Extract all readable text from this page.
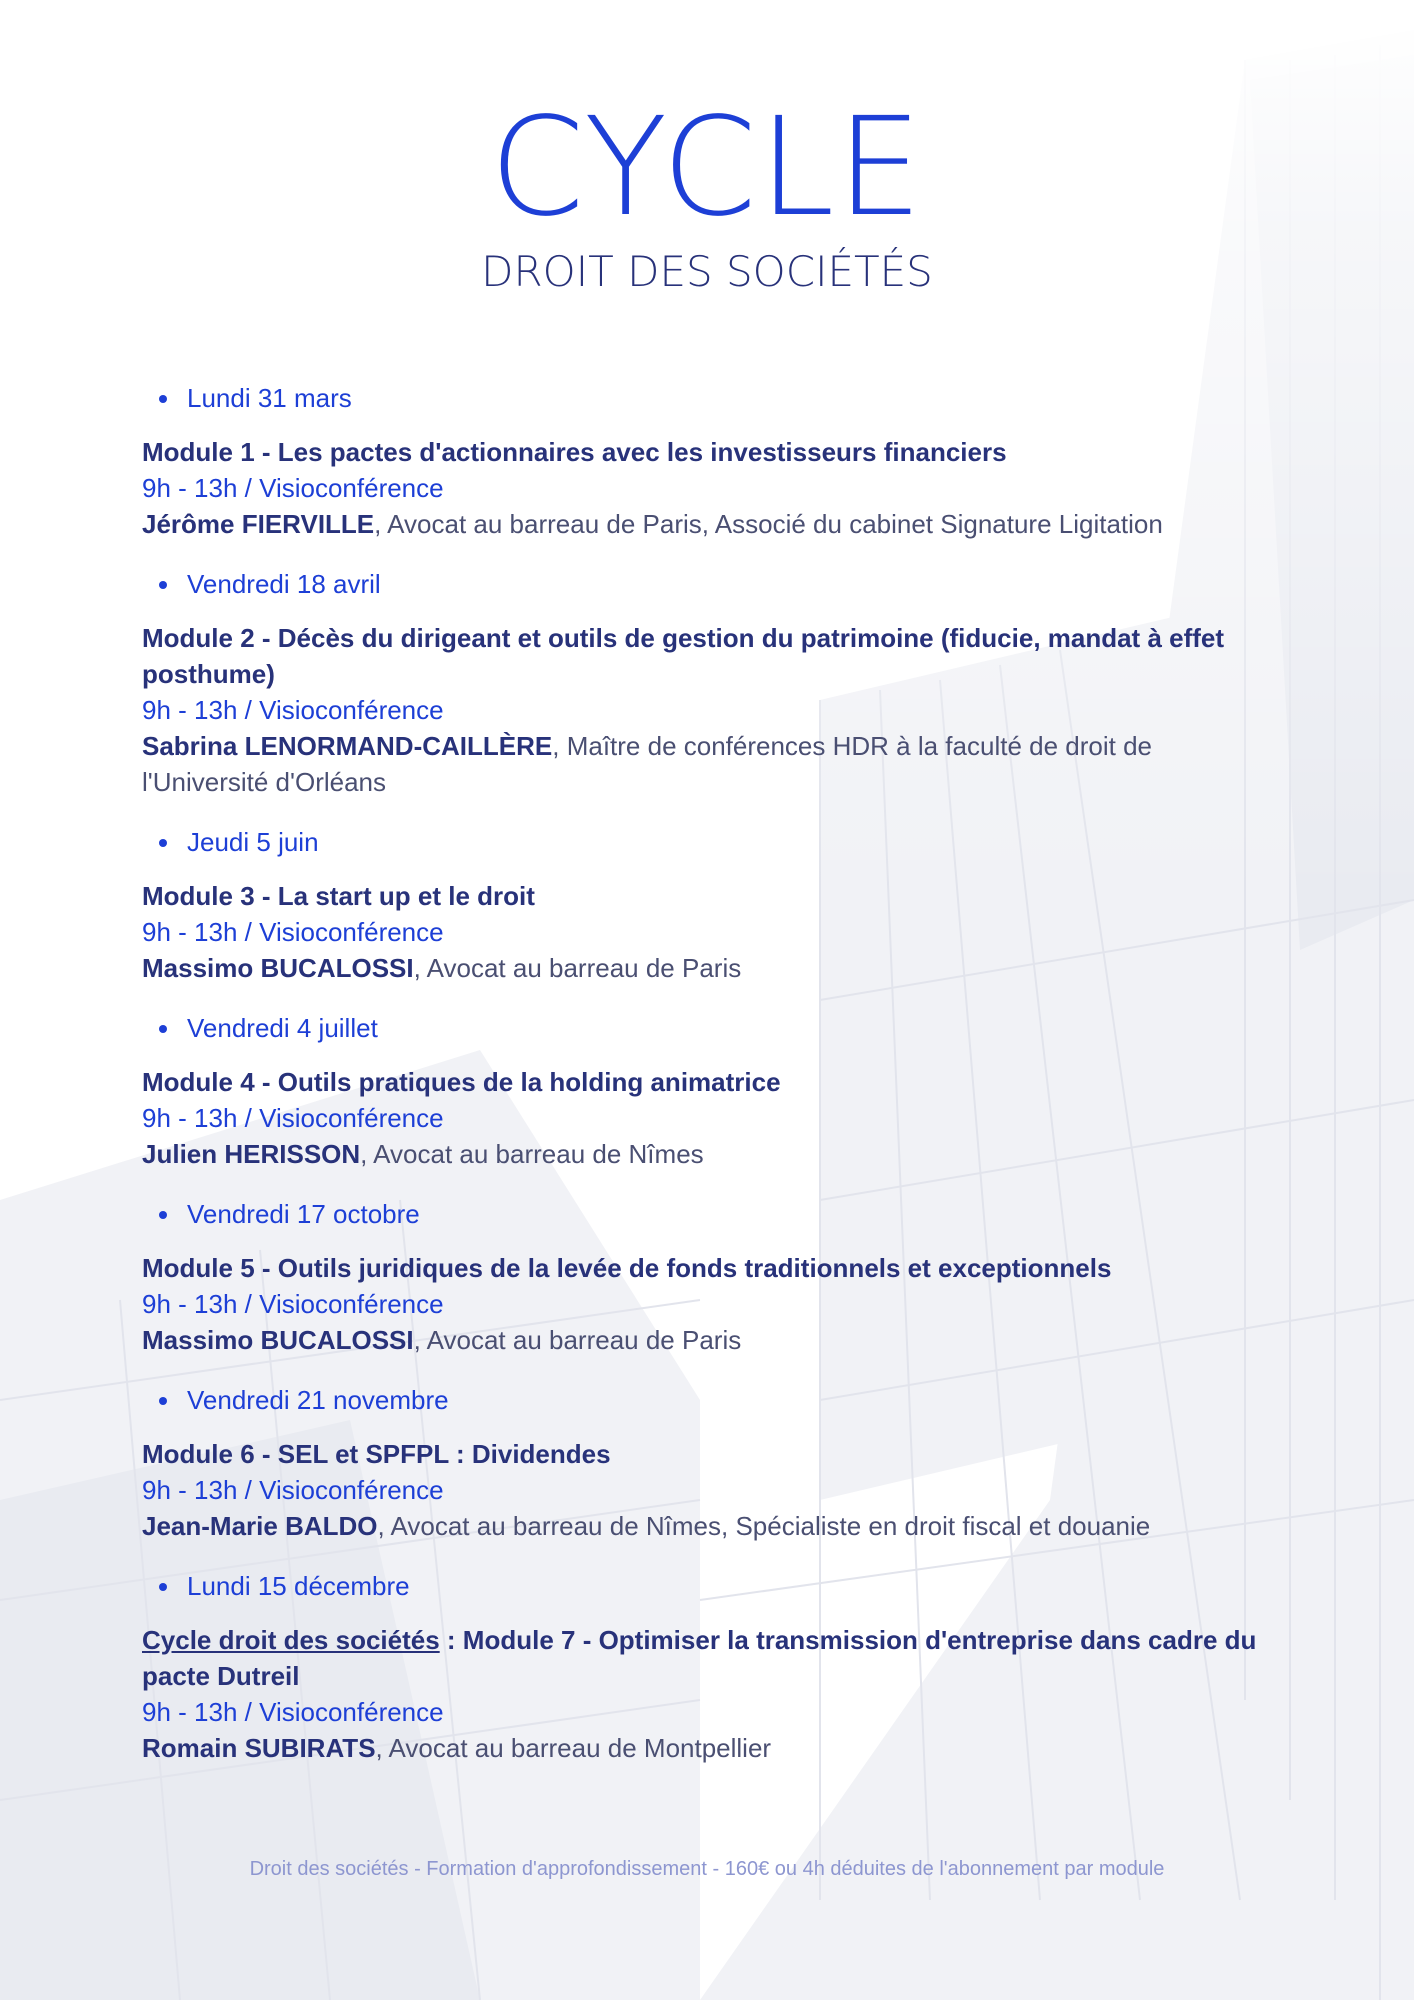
CYCLE
DROIT DES SOCIÉTÉS
Lundi 31 mars
Module 1 - Les pactes d'actionnaires avec les investisseurs financiers
9h - 13h / Visioconférence
Jérôme FIERVILLE, Avocat au barreau de Paris, Associé du cabinet Signature Ligitation
Vendredi 18 avril
Module 2 - Décès du dirigeant et outils de gestion du patrimoine (fiducie, mandat à effet posthume)
9h - 13h / Visioconférence
Sabrina LENORMAND-CAILLÈRE, Maître de conférences HDR à la faculté de droit de l'Université d'Orléans
Jeudi 5 juin
Module 3 - La start up et le droit
9h - 13h / Visioconférence
Massimo BUCALOSSI, Avocat au barreau de Paris
Vendredi 4 juillet
Module 4 - Outils pratiques de la holding animatrice
9h - 13h / Visioconférence
Julien HERISSON, Avocat au barreau de Nîmes
Vendredi 17 octobre
Module 5 - Outils juridiques de la levée de fonds traditionnels et exceptionnels
9h - 13h / Visioconférence
Massimo BUCALOSSI, Avocat au barreau de Paris
Vendredi 21 novembre
Module 6 - SEL et SPFPL : Dividendes
9h - 13h / Visioconférence
Jean-Marie BALDO, Avocat au barreau de Nîmes, Spécialiste en droit fiscal et douanie
Lundi 15 décembre
Cycle droit des sociétés : Module 7 - Optimiser la transmission d'entreprise dans cadre du pacte Dutreil
9h - 13h / Visioconférence
Romain SUBIRATS, Avocat au barreau de Montpellier
Droit des sociétés - Formation d'approfondissement - 160€ ou 4h déduites de l'abonnement par module
